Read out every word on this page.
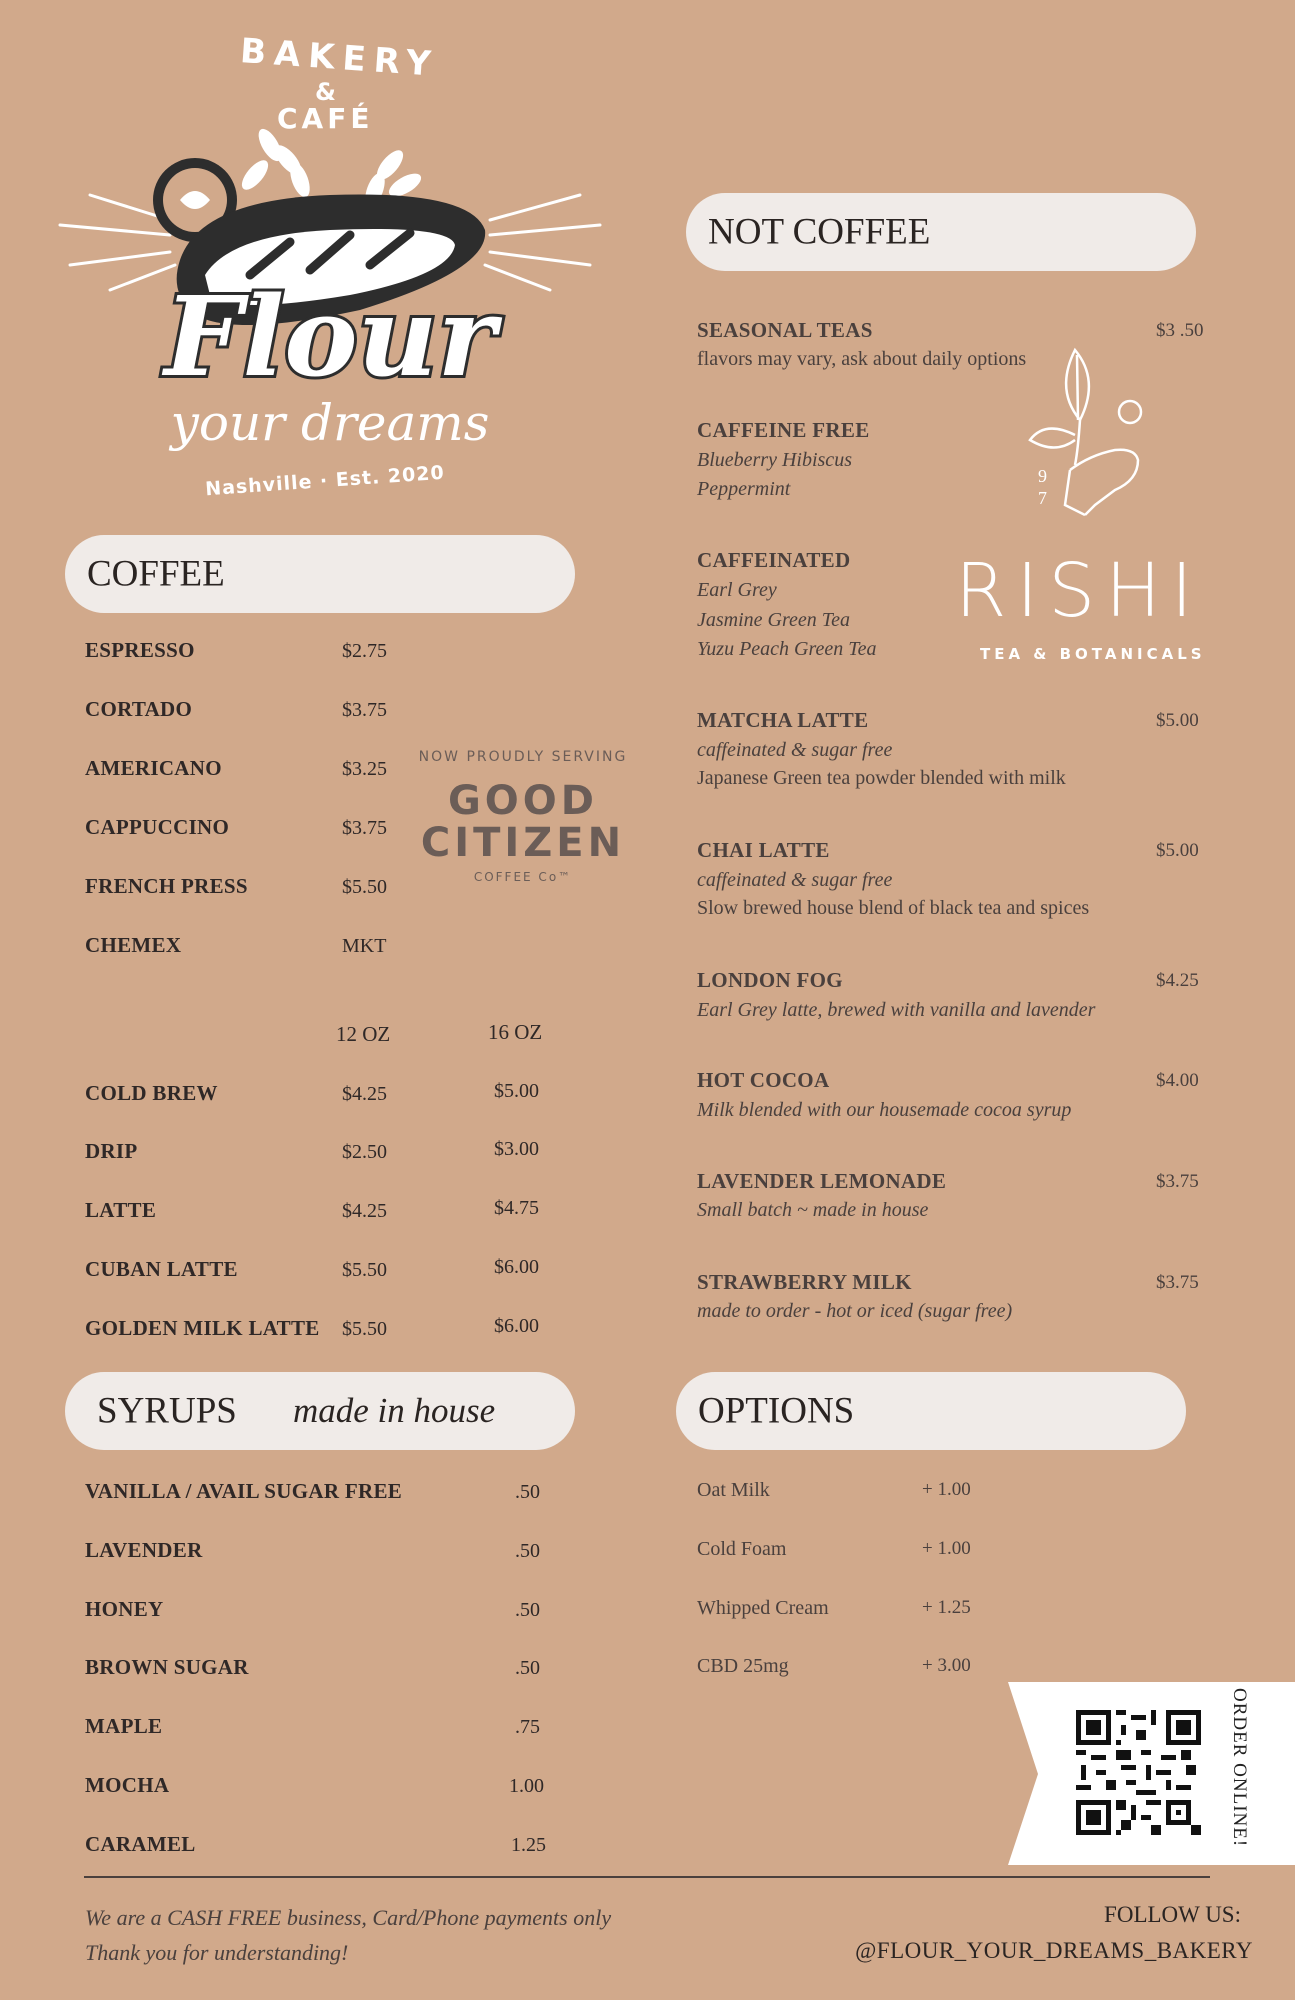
Flour
your dreams
BAKERY
&
CAFÉ
Nashville · Est. 2020
COFFEE
ESPRESSO	$2.75
CORTADO	$3.75
AMERICANO	$3.25
CAPPUCCINO	$3.75
FRENCH PRESS	$5.50
CHEMEX	MKT
12 OZ	16 OZ
COLD BREW	$4.25	$5.00
DRIP	$2.50	$3.00
LATTE	$4.25	$4.75
CUBAN LATTE	$5.50	$6.00
GOLDEN MILK LATTE $5.50	$6.00
NOW PROUDLY SERVING
GOOD
CITIZEN
COFFEE Co™
NOT COFFEE
SEASONAL TEAS	$3 .50
flavors may vary, ask about daily options
CAFFEINE FREE
Blueberry Hibiscus
Peppermint
CAFFEINATED
Earl Grey
Jasmine Green Tea
Yuzu Peach Green Tea
MATCHA LATTE	$5.00
caffeinated & sugar free
Japanese Green tea powder blended with milk
CHAI LATTE	$5.00
caffeinated & sugar free
Slow brewed house blend of black tea and spices
LONDON FOG	$4.25
Earl Grey latte, brewed with vanilla and lavender
HOT COCOA	$4.00
Milk blended with our housemade cocoa syrup
LAVENDER LEMONADE	$3.75
Small batch ~ made in house
STRAWBERRY MILK	$3.75
made to order - hot or iced (sugar free)
9
7
RISHI
TEA & BOTANICALS
SYRUPS made in house
VANILLA / AVAIL SUGAR FREE	.50
LAVENDER	.50
HONEY	.50
BROWN SUGAR	.50
MAPLE	.75
MOCHA	1.00
CARAMEL	1.25
OPTIONS
Oat Milk	+ 1.00
Cold Foam	+ 1.00
Whipped Cream	+ 1.25
CBD 25mg	+ 3.00
ORDER ONLINE!
We are a CASH FREE business, Card/Phone payments only
Thank you for understanding!
FOLLOW US:
@FLOUR_YOUR_DREAMS_BAKERY
